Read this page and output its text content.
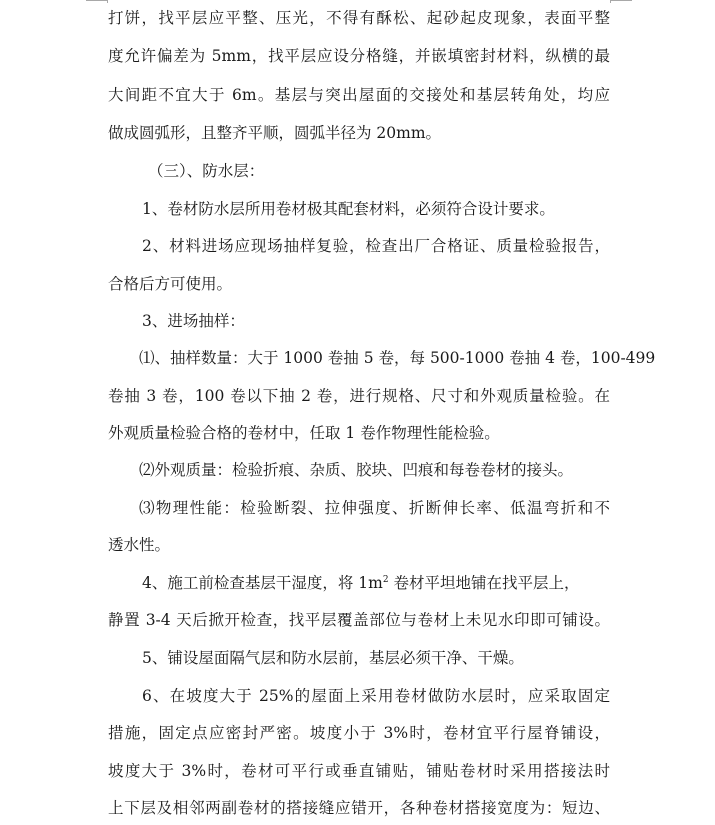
打饼，找平层应平整、压光，不得有酥松、起砂起皮现象，表面平整
度允许偏差为 5mm，找平层应设分格缝，并嵌填密封材料，纵横的最
大间距不宜大于 6m。基层与突出屋面的交接处和基层转角处，均应
做成圆弧形，且整齐平顺，圆弧半径为 20mm。
（三）、防水层：
1、卷材防水层所用卷材极其配套材料，必须符合设计要求。
2、材料进场应现场抽样复验，检查出厂合格证、质量检验报告，
合格后方可使用。
3、进场抽样：
⑴、抽样数量：大于 1000 卷抽 5 卷，每 500-1000 卷抽 4 卷，100-499
卷抽 3 卷，100 卷以下抽 2 卷，进行规格、尺寸和外观质量检验。在
外观质量检验合格的卷材中，任取 1 卷作物理性能检验。
⑵外观质量：检验折痕、杂质、胶块、凹痕和每卷卷材的接头。
⑶物理性能：检验断裂、拉伸强度、折断伸长率、低温弯折和不
透水性。
4、施工前检查基层干湿度，将 $1m^2$ 卷材平坦地铺在找平层上，
静置 3-4 天后掀开检查，找平层覆盖部位与卷材上未见水印即可铺设。
5、铺设屋面隔气层和防水层前，基层必须干净、干燥。
6、在坡度大于 25%的屋面上采用卷材做防水层时，应采取固定
措施，固定点应密封严密。坡度小于 3%时，卷材宜平行屋脊铺设，
坡度大于 3%时，卷材可平行或垂直铺贴，铺贴卷材时采用搭接法时
上下层及相邻两副卷材的搭接缝应错开，各种卷材搭接宽度为：短边、
